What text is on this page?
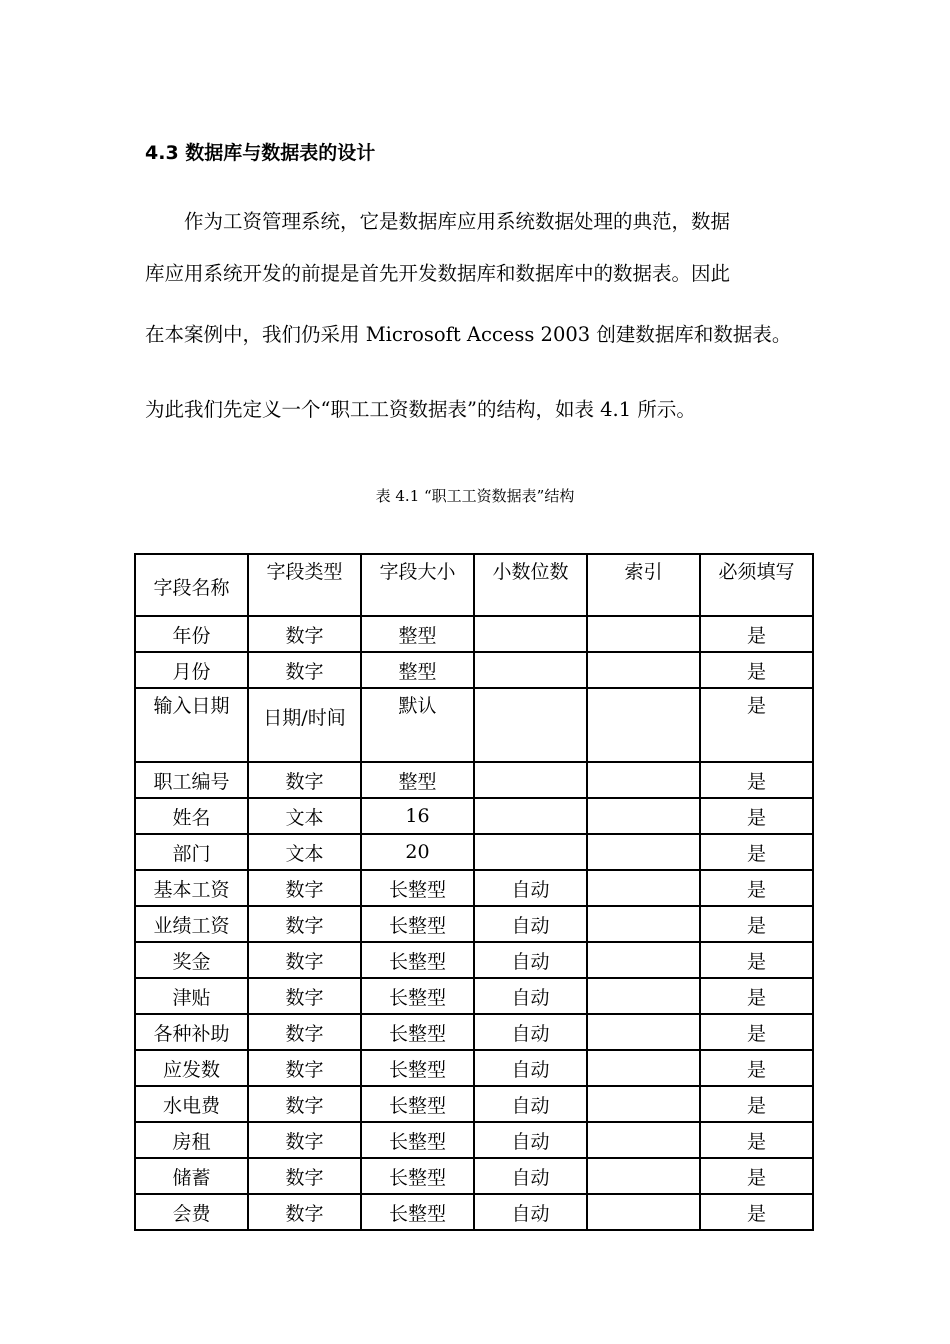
4.3 数据库与数据表的设计
　　作为工资管理系统，它是数据库应用系统数据处理的典范，数据
库应用系统开发的前提是首先开发数据库和数据库中的数据表。因此
在本案例中，我们仍采用 Microsoft Access 2003 创建数据库和数据表。
为此我们先定义一个“职工工资数据表”的结构，如表 4.1 所示。
表 4.1 “职工工资数据表”结构
字段名称	字段类型	字段大小	小数位数	索引	必须填写
年份	数字	整型			是
月份	数字	整型			是
输入日期	日期/时间	默认			是
职工编号	数字	整型			是
姓名	文本	16			是
部门	文本	20			是
基本工资	数字	长整型	自动		是
业绩工资	数字	长整型	自动		是
奖金	数字	长整型	自动		是
津贴	数字	长整型	自动		是
各种补助	数字	长整型	自动		是
应发数	数字	长整型	自动		是
水电费	数字	长整型	自动		是
房租	数字	长整型	自动		是
储蓄	数字	长整型	自动		是
会费	数字	长整型	自动		是
